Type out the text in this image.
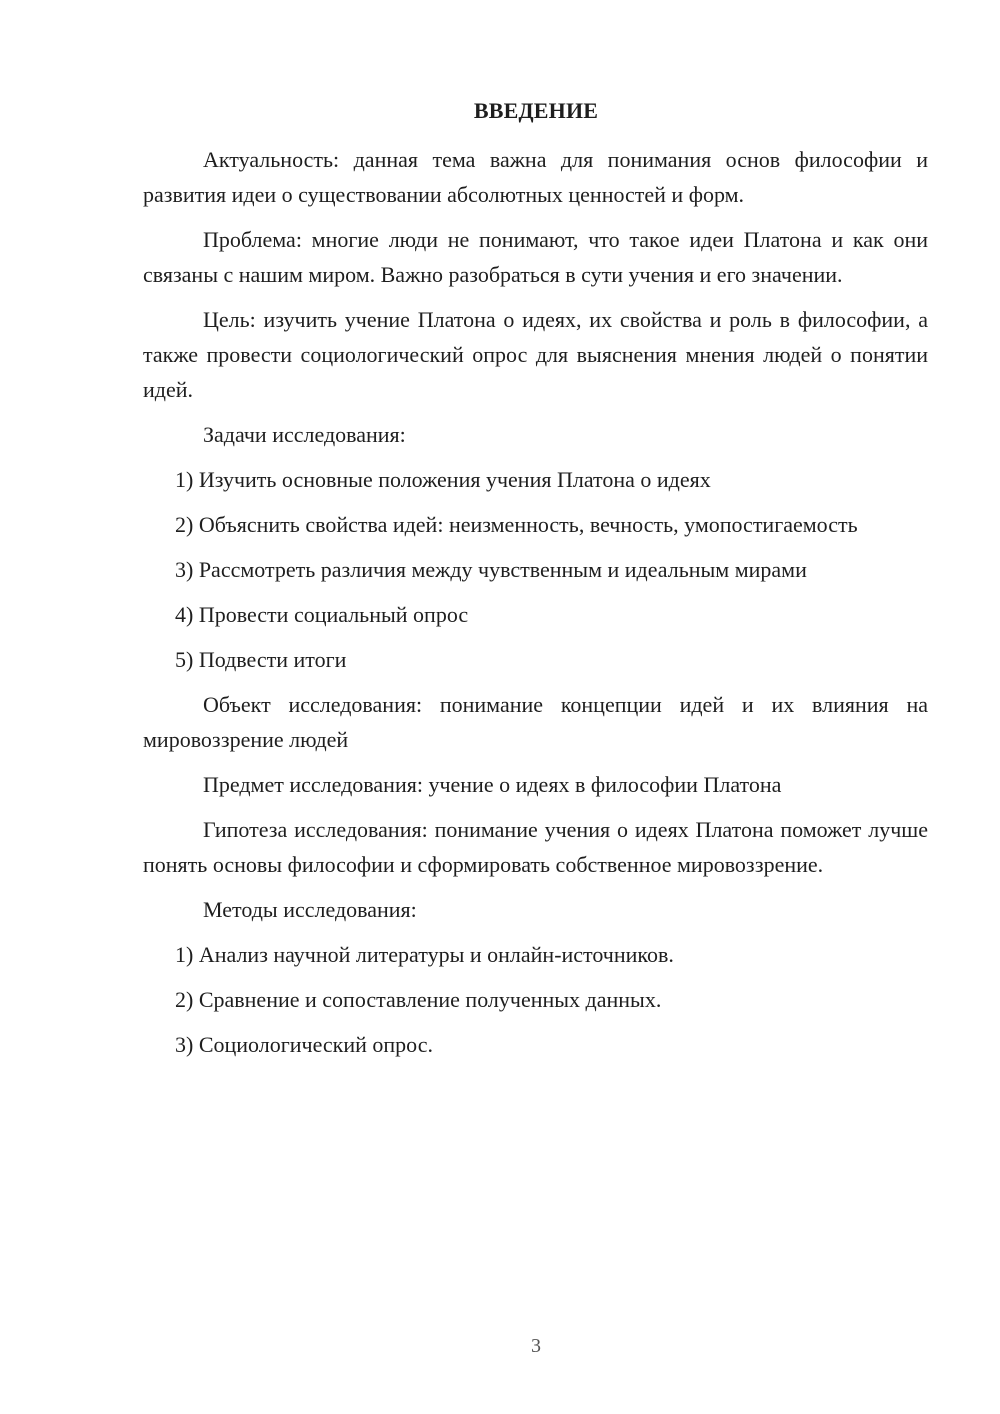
ВВЕДЕНИЕ

Актуальность: данная тема важна для понимания основ философии и развития идеи о существовании абсолютных ценностей и форм.

Проблема: многие люди не понимают, что такое идеи Платона и как они связаны с нашим миром. Важно разобраться в сути учения и его значении.

Цель: изучить учение Платона о идеях, их свойства и роль в философии, а также провести социологический опрос для выяснения мнения людей о понятии идей.

Задачи исследования:

1) Изучить основные положения учения Платона о идеях

2) Объяснить свойства идей: неизменность, вечность, умопостигаемость

3) Рассмотреть различия между чувственным и идеальным мирами

4) Провести социальный опрос

5) Подвести итоги

Объект исследования: понимание концепции идей и их влияния на мировоззрение людей

Предмет исследования: учение о идеях в философии Платона

Гипотеза исследования: понимание учения о идеях Платона поможет лучше понять основы философии и сформировать собственное мировоззрение.

Методы исследования:

1) Анализ научной литературы и онлайн-источников.

2) Сравнение и сопоставление полученных данных.

3) Социологический опрос.

3
